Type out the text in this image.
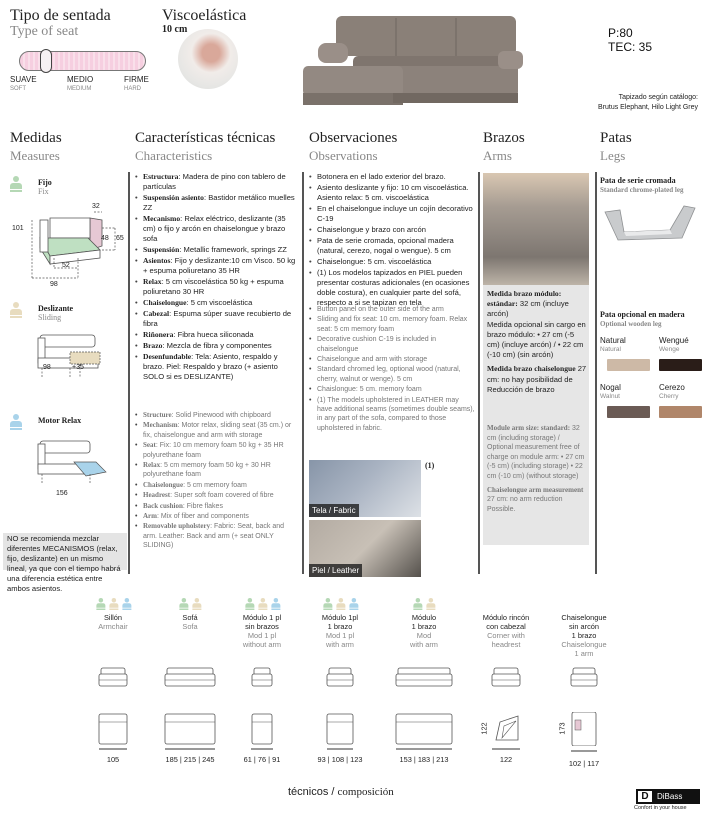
Tipo de sentada
Type of seat
SUAVE
SOFT
MEDIO
MEDIUM
FIRME
HARD
Viscoelástica
10 cm	P:80
TEC: 35
Tapizado según catálogo:
Brutus Elephant, Hilo Light Grey
Medidas
Measures
Características técnicas
Characteristics
Observaciones
Observations
Brazos
Arms
Patas
Legs
Fijo
Fix
101
32
48 65
52
98
Deslizante
Sliding
98	+35
Motor Relax
156
NO se recomienda mezclar diferentes MECANISMOS (relax, fijo, deslizante) en un mismo lineal, ya que con el tiempo habrá una diferencia estética entre ambos asientos.
• Estructura: Madera de pino con tablero de partículas
• Suspensión asiento: Bastidor metálico muelles ZZ
• Mecanismo: Relax eléctrico, deslizante (35 cm) o fijo y arcón en chaiselongue y brazo sofa
• Suspensión: Metallic framework, springs ZZ
• Asientos: Fijo y deslizante:10 cm Visco. 50 kg + espuma poliuretano 35 HR
• Relax: 5 cm viscoelástica 50 kg + espuma poliuretano 30 HR
• Chaiselongue: 5 cm viscoelástica
• Cabezal: Espuma súper suave recubierto de fibra
• Riñonera: Fibra hueca siliconada
• Brazo: Mezcla de fibra y componentes
• Desenfundable: Tela: Asiento, respaldo y brazo. Piel: Respaldo y brazo (+ asiento SOLO si es DESLIZANTE)
• Structure: Solid Pinewood with chipboard
• Mechanism: Motor relax, sliding seat (35 cm.) or fix, chaiselongue and arm with storage
• Seat: Fix: 10 cm memory foam 50 kg + 35 HR polyurethane foam
• Relax: 5 cm memory foam 50 kg + 30 HR polyurethane foam
• Chaiselongue: 5 cm memory foam
• Headrest: Super soft foam covered of fibre
• Back cushion: Fibre flakes
• Arm: Mix of fiber and components
• Removable upholstery: Fabric: Seat, back and arm. Leather: Back and arm (+ seat ONLY SLIDING)
• Botonera en el lado exterior del brazo.
• Asiento deslizante y fijo: 10 cm viscoelástica. Asiento relax: 5 cm. viscoelástica
• En el chaiselongue incluye un cojín decorativo C-19
• Chaiselongue y brazo con arcón
• Pata de serie cromada, opcional madera (natural, cerezo, nogal o wengue). 5 cm
• Chaiselongue: 5 cm. viscoelástica
• (1) Los modelos tapizados en PIEL pueden presentar costuras adicionales (en ocasiones doble costura), en cualquier parte del sofá, respecto a si se tapizan en tela
• Button panel on the outer side of the arm
• Sliding and fix seat: 10 cm. memory foam. Relax seat: 5 cm memory foam
• Decorative cushion C-19 is included in chaiselongue
• Chaiselongue and arm with storage
• Standard chromed leg, optional wood (natural, cherry, walnut or wenge). 5 cm
• Chaislongue: 5 cm. memory foam
• (1) The models upholstered in LEATHER may have additional seams (sometimes double seams), in any part of the sofa, compared to those upholstered in fabric.
Tela / Fabric
(1)
Piel / Leather
Medida brazo módulo: estándar: 32 cm (incluye arcón)
Medida opcional sin cargo en brazo módulo: • 27 cm (-5 cm) (incluye arcón) / • 22 cm (-10 cm) (sin arcón)
Medida brazo chaiselongue 27 cm: no hay posibilidad de Reducción de brazo
Module arm size: standard: 32 cm (including storage) / Optional measurement free of charge on module arm: • 27 cm (-5 cm) (including storage) • 22 cm (-10 cm) (without storage)
Chaiselongue arm measurement 27 cm: no arm reduction Possible.
Pata de serie cromada
Standard chrome-plated leg
Pata opcional en madera
Optional wooden leg
Natural
Natural
Wengué
Wenge
Nogal
Walnut
Cerezo
Cherry
Sillón
Armchair
105
Sofá
Sofa
185 | 215 | 245
Módulo 1 pl
sin brazos
Mod 1 pl
without arm
61 | 76 | 91
Módulo 1pl
1 brazo
Mod 1 pl
with arm
93 | 108 | 123
Módulo
1 brazo
Mod
with arm
153 | 183 | 213
Módulo rincón
con cabezal
Corner with
headrest
122
122
Chaiselongue
sin arcón
1 brazo
Chaiselongue
1 arm
173
102 | 117
técnicos / composición	D	DiBass
Confort in your house
